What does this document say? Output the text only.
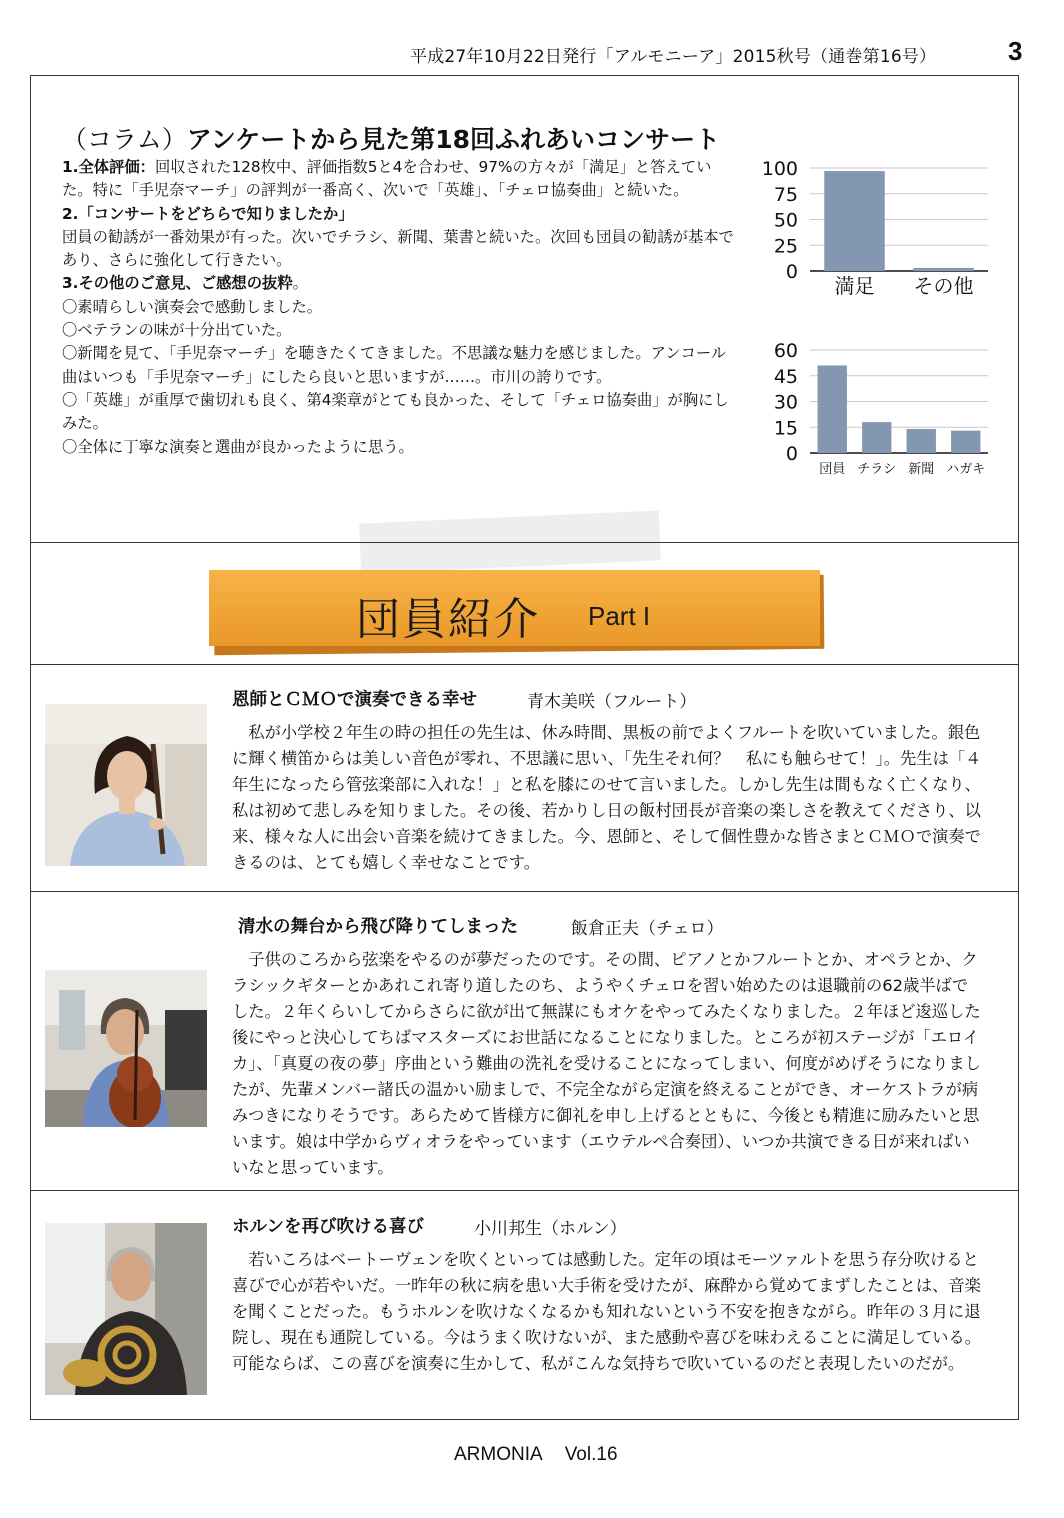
平成27年10月22日発行「アルモニーア」2015秋号（通巻第16号）	3
（コラム）アンケートから見た第18回ふれあいコンサート

1.全体評価：回収された128枚中、評価指数5と4を合わせ、97%の方々が「満足」と答えていた。特に「手児奈マーチ」の評判が一番高く、次いで「英雄」、「チェロ協奏曲」と続いた。

2.「コンサートをどちらで知りましたか」

団員の勧誘が一番効果が有った。次いでチラシ、新聞、葉書と続いた。次回も団員の勧誘が基本であり、さらに強化して行きたい。

3.その他のご意見、ご感想の抜粋。

〇素晴らしい演奏会で感動しました。

〇ベテランの味が十分出ていた。

〇新聞を見て、「手児奈マーチ」を聴きたくてきました。不思議な魅力を感じました。アンコール曲はいつも「手児奈マーチ」にしたら良いと思いますが……。市川の誇りです。

〇「英雄」が重厚で歯切れも良く、第4楽章がとても良かった、そして「チェロ協奏曲」が胸にしみた。

〇全体に丁寧な演奏と選曲が良かったように思う。

100
75
50
25
0
満足 その他
60
45
30
15
0
団員 チラシ 新聞 ハガキ
団員紹介 Part I
恩師とＣＭＯで演奏できる幸せ	青木美咲（フルート）

私が小学校２年生の時の担任の先生は、休み時間、黒板の前でよくフルートを吹いていました。銀色に輝く横笛からは美しい音色が零れ、不思議に思い、「先生それ何？　私にも触らせて！」。先生は「４年生になったら管弦楽部に入れな！」と私を膝にのせて言いました。しかし先生は間もなく亡くなり、私は初めて悲しみを知りました。その後、若かりし日の飯村団長が音楽の楽しさを教えてくださり、以来、様々な人に出会い音楽を続けてきました。今、恩師と、そして個性豊かな皆さまとＣＭＯで演奏できるのは、とても嬉しく幸せなことです。

清水の舞台から飛び降りてしまった	飯倉正夫（チェロ）

子供のころから弦楽をやるのが夢だったのです。その間、ピアノとかフルートとか、オペラとか、クラシックギターとかあれこれ寄り道したのち、ようやくチェロを習い始めたのは退職前の62歳半ばでした。２年くらいしてからさらに欲が出て無謀にもオケをやってみたくなりました。２年ほど逡巡した後にやっと決心してちばマスターズにお世話になることになりました。ところが初ステージが「エロイカ」、「真夏の夜の夢」序曲という難曲の洗礼を受けることになってしまい、何度がめげそうになりましたが、先輩メンバー諸氏の温かい励ましで、不完全ながら定演を終えることができ、オーケストラが病みつきになりそうです。あらためて皆様方に御礼を申し上げるとともに、今後とも精進に励みたいと思います。娘は中学からヴィオラをやっています（エウテルペ合奏団）、いつか共演できる日が来ればいいなと思っています。

ホルンを再び吹ける喜び	小川邦生（ホルン）

若いころはベートーヴェンを吹くといっては感動した。定年の頃はモーツァルトを思う存分吹けると喜びで心が若やいだ。一昨年の秋に病を患い大手術を受けたが、麻酔から覚めてまずしたことは、音楽を聞くことだった。もうホルンを吹けなくなるかも知れないという不安を抱きながら。昨年の３月に退院し、現在も通院している。今はうまく吹けないが、また感動や喜びを味わえることに満足している。可能ならば、この喜びを演奏に生かして、私がこんな気持ちで吹いているのだと表現したいのだが。

ARMONIA Vol.16
